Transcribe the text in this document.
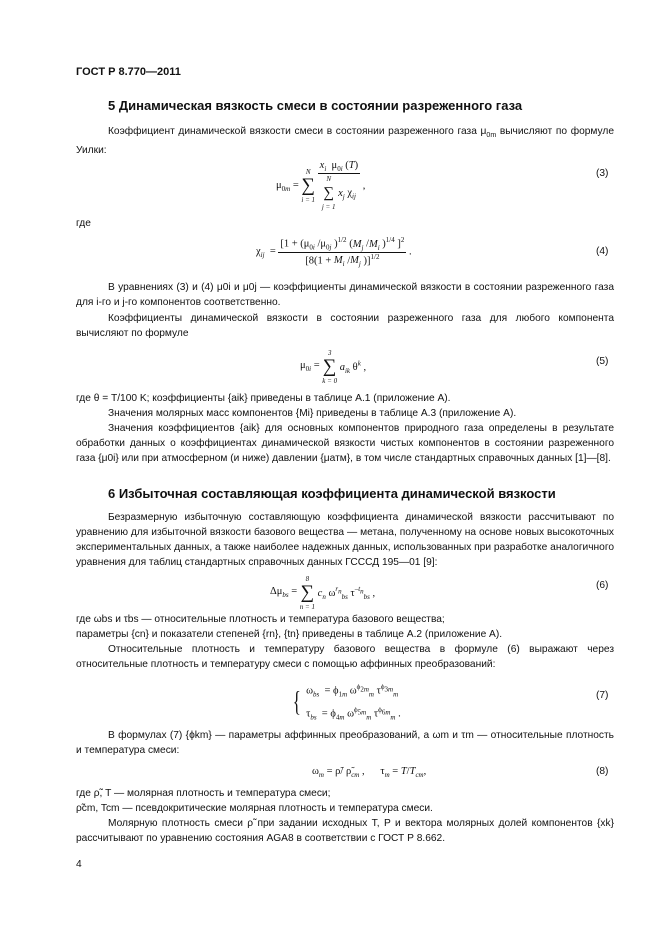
ГОСТ Р 8.770—2011
5 Динамическая вязкость смеси в состоянии разреженного газа
Коэффициент динамической вязкости смеси в состоянии разреженного газа $\mu_{0m}$ вычисляют по формуле Уилки:
$\mu_{0m}$ =
N
∑
i = 1
$x_i$  $\mu_{0i}$ (T)
N
∑
j = 1
$x_j$ $\chi_{ij}$ ,
(3)
где
$\chi_{ij} = \frac{[1 + (\mu_{0i} /\mu_{0j} )^{1/2} (M_j /M_i )^{1/4} ]^2}{[8(1 + M_i /M_j )]^{1/2}}$ .	(4)
В уравнениях (3) и (4) μ0i и μ0j — коэффициенты динамической вязкости в состоянии разреженного газа для i-го и j-го компонентов соответственно.
Коэффициенты динамической вязкости в состоянии разреженного газа для любого компонента вычисляют по формуле
$\mu_{0i}$ =
3
∑
k = 0
$a_{ik}$ $\theta^k$ ,
(5)
где θ = T/100 K; коэффициенты {aik} приведены в таблице А.1 (приложение А).
Значения молярных масс компонентов {Mi} приведены в таблице А.3 (приложение А).
Значения коэффициентов {aik} для основных компонентов природного газа определены в результате обработки данных о коэффициентах динамической вязкости чистых компонентов в состоянии разреженного газа {μ0i} или при атмосферном (и ниже) давлении {μатм}, в том числе стандартных справочных данных [1]—[8].
6 Избыточная составляющая коэффициента динамической вязкости
Безразмерную избыточную составляющую коэффициента динамической вязкости рассчитывают по уравнению для избыточной вязкости базового вещества — метана, полученному на основе новых высокоточных экспериментальных данных, а также наиболее надежных данных, использованных при разработке аналогичного уравнения для таблиц стандартных справочных данных ГСССД 195—01 [9]:
$\Delta\mu_{bs}$ =
8
∑
n = 1
$c_n$ $\omega^{r_n}_{bs}$ $\tau^{-t_n}_{bs}$ ,
(6)
где ωbs и τbs — относительные плотность и температура базового вещества;
параметры {cn} и показатели степеней {rn}, {tn} приведены в таблице А.2 (приложение А).
Относительные плотность и температуру базового вещества в формуле (6) выражают через относительные плотность и температуру смеси с помощью аффинных преобразований:
{ $\omega_{bs} = \phi_{1m}$ $\omega^{\phi_{2m}}_m$ $\tau^{\phi_{3m}}_m$
$\tau_{bs} = \phi_{4m}$ $\omega^{\phi_{5m}}_m$ $\tau^{\phi_{6m}}_m$ .
(7)
В формулах (7) {ϕkm} — параметры аффинных преобразований, а ωm и τm — относительные плотность и температура смеси:
$\omega_m$ = ρ̃/ $\rhõ_{cm}$ ,      $\tau_m = T/T_{cm}$,	(8)
где ρ̃, T — молярная плотность и температура смеси;
ρ̃cm, Tcm — псевдокритические молярная плотность и температура смеси.
Молярную плотность смеси ρ̃ при задании исходных T, P и вектора молярных долей компонентов {xk} рассчитывают по уравнению состояния AGA8 в соответствии с ГОСТ Р 8.662.
4
